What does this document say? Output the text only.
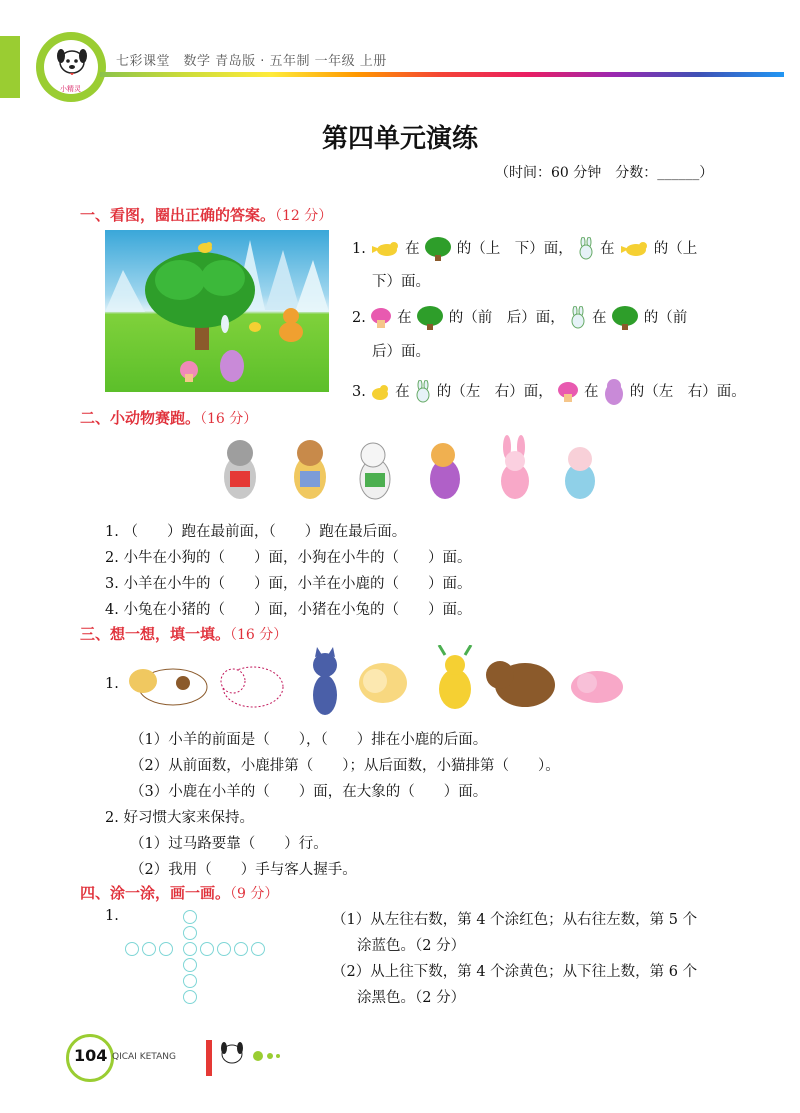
小精灵
七彩课堂　数学 青岛版 · 五年制 一年级 上册
第四单元演练
（时间：60 分钟　分数：______）
一、看图，圈出正确的答案。（12 分）
1.	在	的（上　下）面， 在	的（上
下）面。
2. 在	的（前　后）面， 在	的（前
后）面。
3. 在 的（左　右）面， 在 的（左　右）面。
二、小动物赛跑。（16 分）
1. （　　）跑在最前面，（　　）跑在最后面。
2. 小牛在小狗的（　　）面，小狗在小牛的（　　）面。
3. 小羊在小牛的（　　）面，小羊在小鹿的（　　）面。
4. 小兔在小猪的（　　）面，小猪在小兔的（　　）面。
三、想一想，填一填。（16 分）
1.
（1）小羊的前面是（　　），（　　）排在小鹿的后面。
（2）从前面数，小鹿排第（　　）；从后面数，小猫排第（　　）。
（3）小鹿在小羊的（　　）面，在大象的（　　）面。
2. 好习惯大家来保持。
（1）过马路要靠（　　）行。
（2）我用（　　）手与客人握手。
四、涂一涂，画一画。（9 分）
1.	（1）从左往右数，第 4 个涂红色；从右往左数，第 5 个
涂蓝色。（2 分）
（2）从上往下数，第 4 个涂黄色；从下往上数，第 6 个
涂黑色。（2 分）
104 QICAI KETANG
